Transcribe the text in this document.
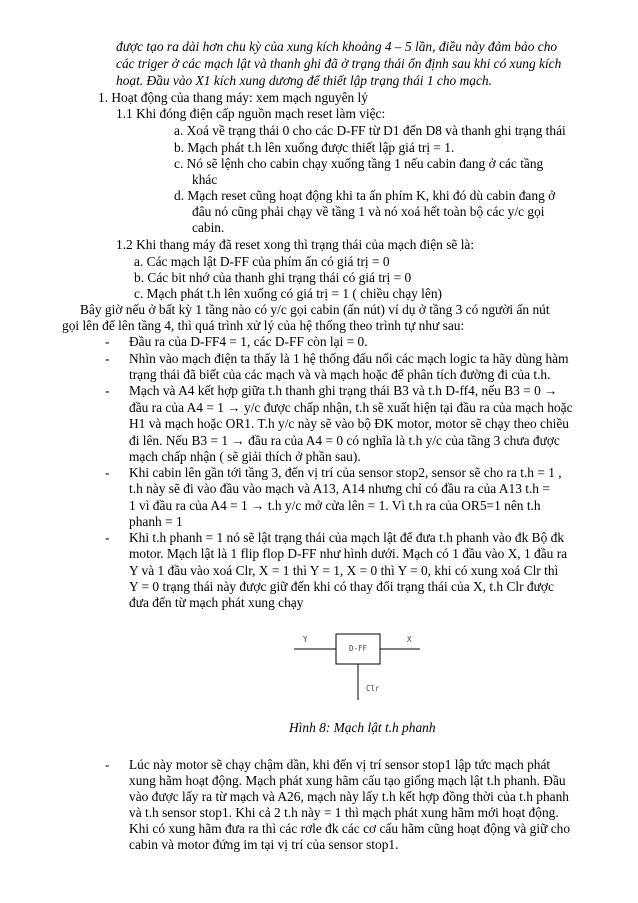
được tạo ra dài hơn chu kỳ của xung kích khoảng 4 – 5 lần, điều này đảm bảo cho
các triger ở các mạch lật và thanh ghi đã ở trạng thái ổn định sau khi có xung kích
hoạt. Đầu vào X1 kích xung dương để thiết lập trạng thái 1 cho mạch.
1. Hoạt động của thang máy: xem mạch nguyên lý
1.1 Khi đóng điện cấp nguồn mạch reset làm việc:
a. Xoá về trạng thái 0 cho các D-FF từ D1 đến D8 và thanh ghi trạng thái
b. Mạch phát t.h lên xuống được thiết lập giá trị = 1.
c. Nó sẽ lệnh cho cabin chạy xuống tầng 1 nếu cabin đang ở các tầng
khác
d. Mạch reset cũng hoạt động khi ta ấn phím K, khi đó dù cabin đang ở
đâu nó cũng phải chạy về tầng 1 và nó xoá hết toàn bộ các y/c gọi
cabin.
1.2 Khi thang máy đã reset xong thì trạng thái của mạch điện sẽ là:
a. Các mạch lật D-FF của phím ấn có giá trị = 0
b. Các bit nhớ của thanh ghi trạng thái có giá trị = 0
c. Mạch phát t.h lên xuống có giá trị = 1 ( chiều chạy lên)
Bây giờ nếu ở bất kỳ 1 tầng nào có y/c gọi cabin (ấn nút) ví dụ ở tầng 3 có người ấn nút
gọi lên để lên tầng 4, thì quá trình xử lý của hệ thống theo trình tự như sau:
- Đầu ra của D-FF4 = 1, các D-FF còn lại = 0.
- Nhìn vào mạch điện ta thấy là 1 hệ thống đấu nối các mạch logic ta hãy dùng hàm
trạng thái đã biết của các mạch và và mạch hoặc để phân tích đường đi của t.h.
- Mạch và A4 kết hợp giữa t.h thanh ghi trạng thái B3 và t.h D-ff4, nếu B3 = 0 →
đầu ra của A4 = 1 → y/c được chấp nhận, t.h sẽ xuất hiện tại đầu ra của mạch hoặc
H1 và mạch hoặc OR1. T.h y/c này sẽ vào bộ ĐK motor, motor sẽ chạy theo chiều
đi lên. Nếu B3 = 1 → đầu ra của A4 = 0 có nghĩa là t.h y/c của tầng 3 chưa được
mạch chấp nhận ( sẽ giải thích ở phần sau).
- Khi cabin lên gần tới tầng 3, đến vị trí của sensor stop2, sensor sẽ cho ra t.h = 1 ,
t.h này sẽ đi vào đầu vào mạch và A13, A14 nhưng chỉ có đầu ra của A13 t.h =
1 vì đầu ra của A4 = 1 → t.h y/c mở cửa lên = 1. Vì t.h ra của OR5=1 nên t.h
phanh = 1
- Khi t.h phanh = 1 nó sẽ lật trạng thái của mạch lật để đưa t.h phanh vào đk Bộ đk
motor. Mạch lật là 1 flip flop D-FF như hình dưới. Mạch có 1 đầu vào X, 1 đầu ra
Y và 1 đầu vào xoá Clr, X = 1 thì Y = 1, X = 0 thì Y = 0, khi có xung xoá Clr thì
Y = 0 trạng thái này được giữ đến khi có thay đổi trạng thái của X, t.h Clr được
đưa đến từ mạch phát xung chạy
- Lúc này motor sẽ chạy chậm dần, khi đến vị trí sensor stop1 lập tức mạch phát
xung hãm hoạt động. Mạch phát xung hãm cấu tạo giống mạch lật t.h phanh. Đầu
vào được lấy ra từ mạch và A26, mạch này lấy t.h kết hợp đồng thời của t.h phanh
và t.h sensor stop1. Khi cả 2 t.h này = 1 thì mạch phát xung hãm mới hoạt động.
Khi có xung hãm đưa ra thì các rơle đk các cơ cấu hãm cũng hoạt động và giữ cho
cabin và motor đứng im tại vị trí của sensor stop1.
D-FF
Y	X
Clr
Hình 8: Mạch lật t.h phanh
